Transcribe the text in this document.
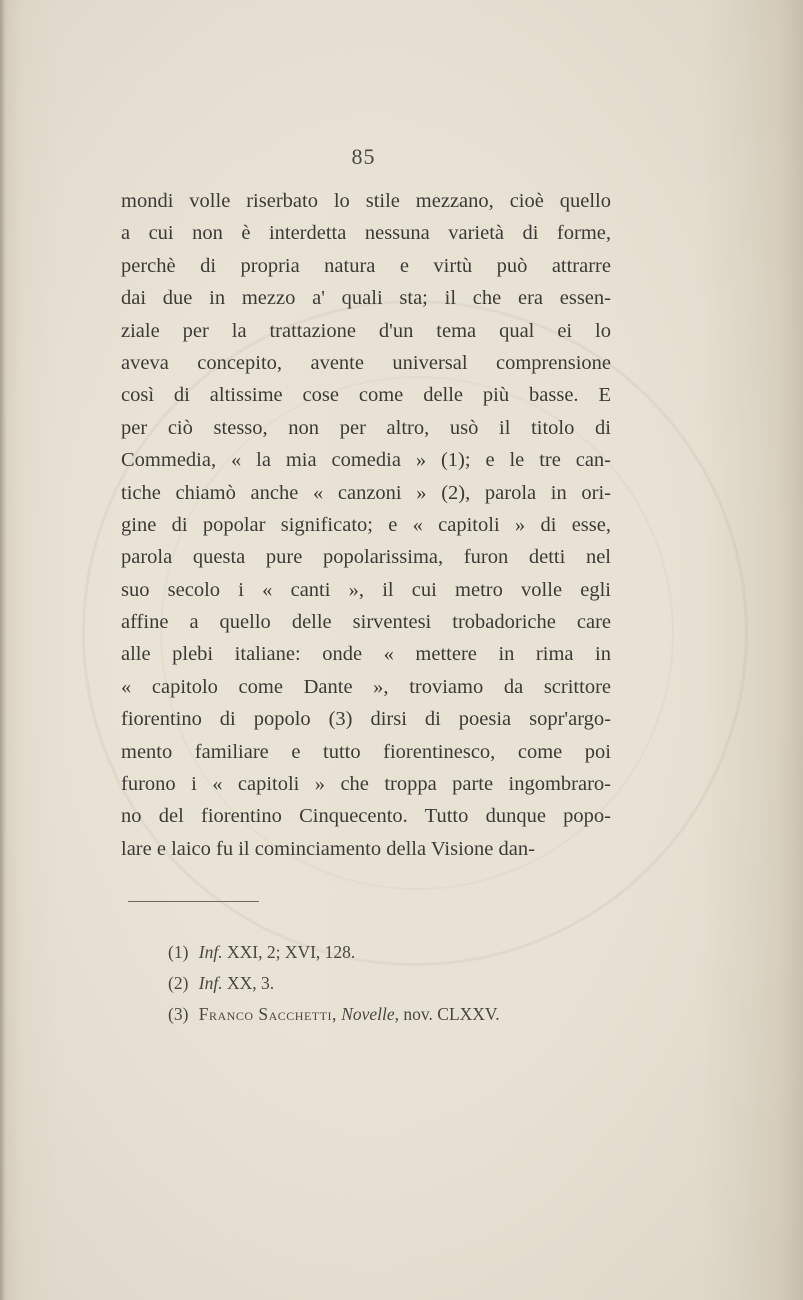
85
mondi volle riserbato lo stile mezzano, cioè quello
a cui non è interdetta nessuna varietà di forme,
perchè di propria natura e virtù può attrarre
dai due in mezzo a' quali sta; il che era essen-
ziale per la trattazione d'un tema qual ei lo
aveva concepito, avente universal comprensione
così di altissime cose come delle più basse. E
per ciò stesso, non per altro, usò il titolo di
Commedia, « la mia comedia » (1); e le tre can-
tiche chiamò anche « canzoni » (2), parola in ori-
gine di popolar significato; e « capitoli » di esse,
parola questa pure popolarissima, furon detti nel
suo secolo i « canti », il cui metro volle egli
affine a quello delle sirventesi trobadoriche care
alle plebi italiane: onde « mettere in rima in
« capitolo come Dante », troviamo da scrittore
fiorentino di popolo (3) dirsi di poesia sopr'argo-
mento familiare e tutto fiorentinesco, come poi
furono i « capitoli » che troppa parte ingombraro-
no del fiorentino Cinquecento. Tutto dunque popo-
lare e laico fu il cominciamento della Visione dan-
(1) Inf. XXI, 2; XVI, 128.
(2) Inf. XX, 3.
(3) Franco Sacchetti, Novelle, nov. CLXXV.
